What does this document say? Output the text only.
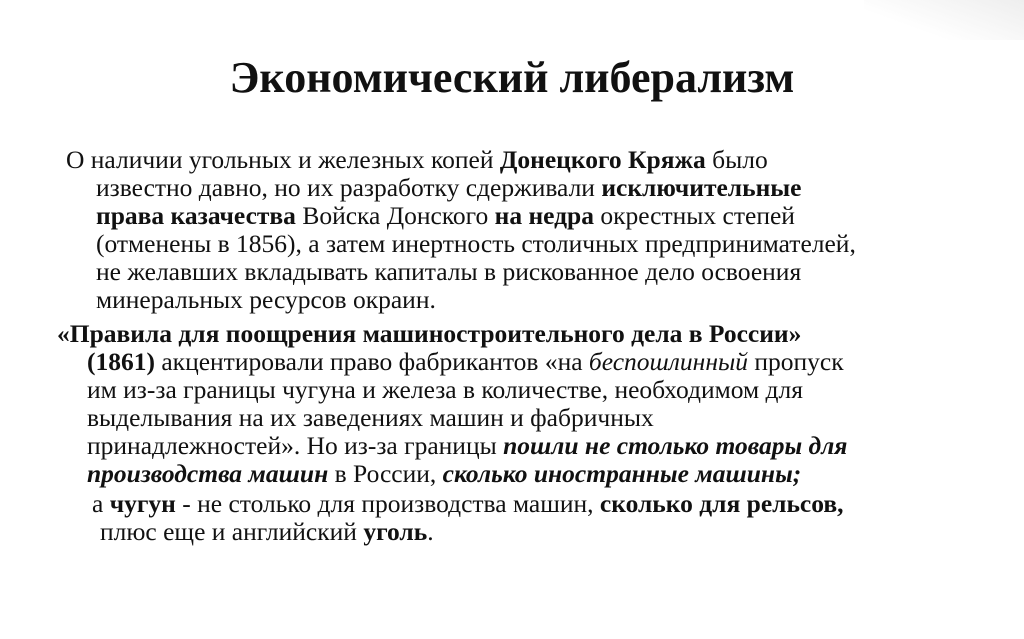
Экономический либерализм

О наличии угольных и железных копей Донецкого Кряжа было
известно давно, но их разработку сдерживали исключительные
права казачества Войска Донского на недра окрестных степей
(отменены в 1856), а затем инертность столичных предпринимателей,
не желавших вкладывать капиталы в рискованное дело освоения
минеральных ресурсов окраин.

«Правила для поощрения машиностроительного дела в России»
(1861) акцентировали право фабрикантов «на беспошлинный пропуск
им из-за границы чугуна и железа в количестве, необходимом для
выделывания на их заведениях машин и фабричных
принадлежностей». Но из-за границы пошли не столько товары для
производства машин в России, сколько иностранные машины;

а чугун - не столько для производства машин, сколько для рельсов,
плюс еще и английский уголь.
